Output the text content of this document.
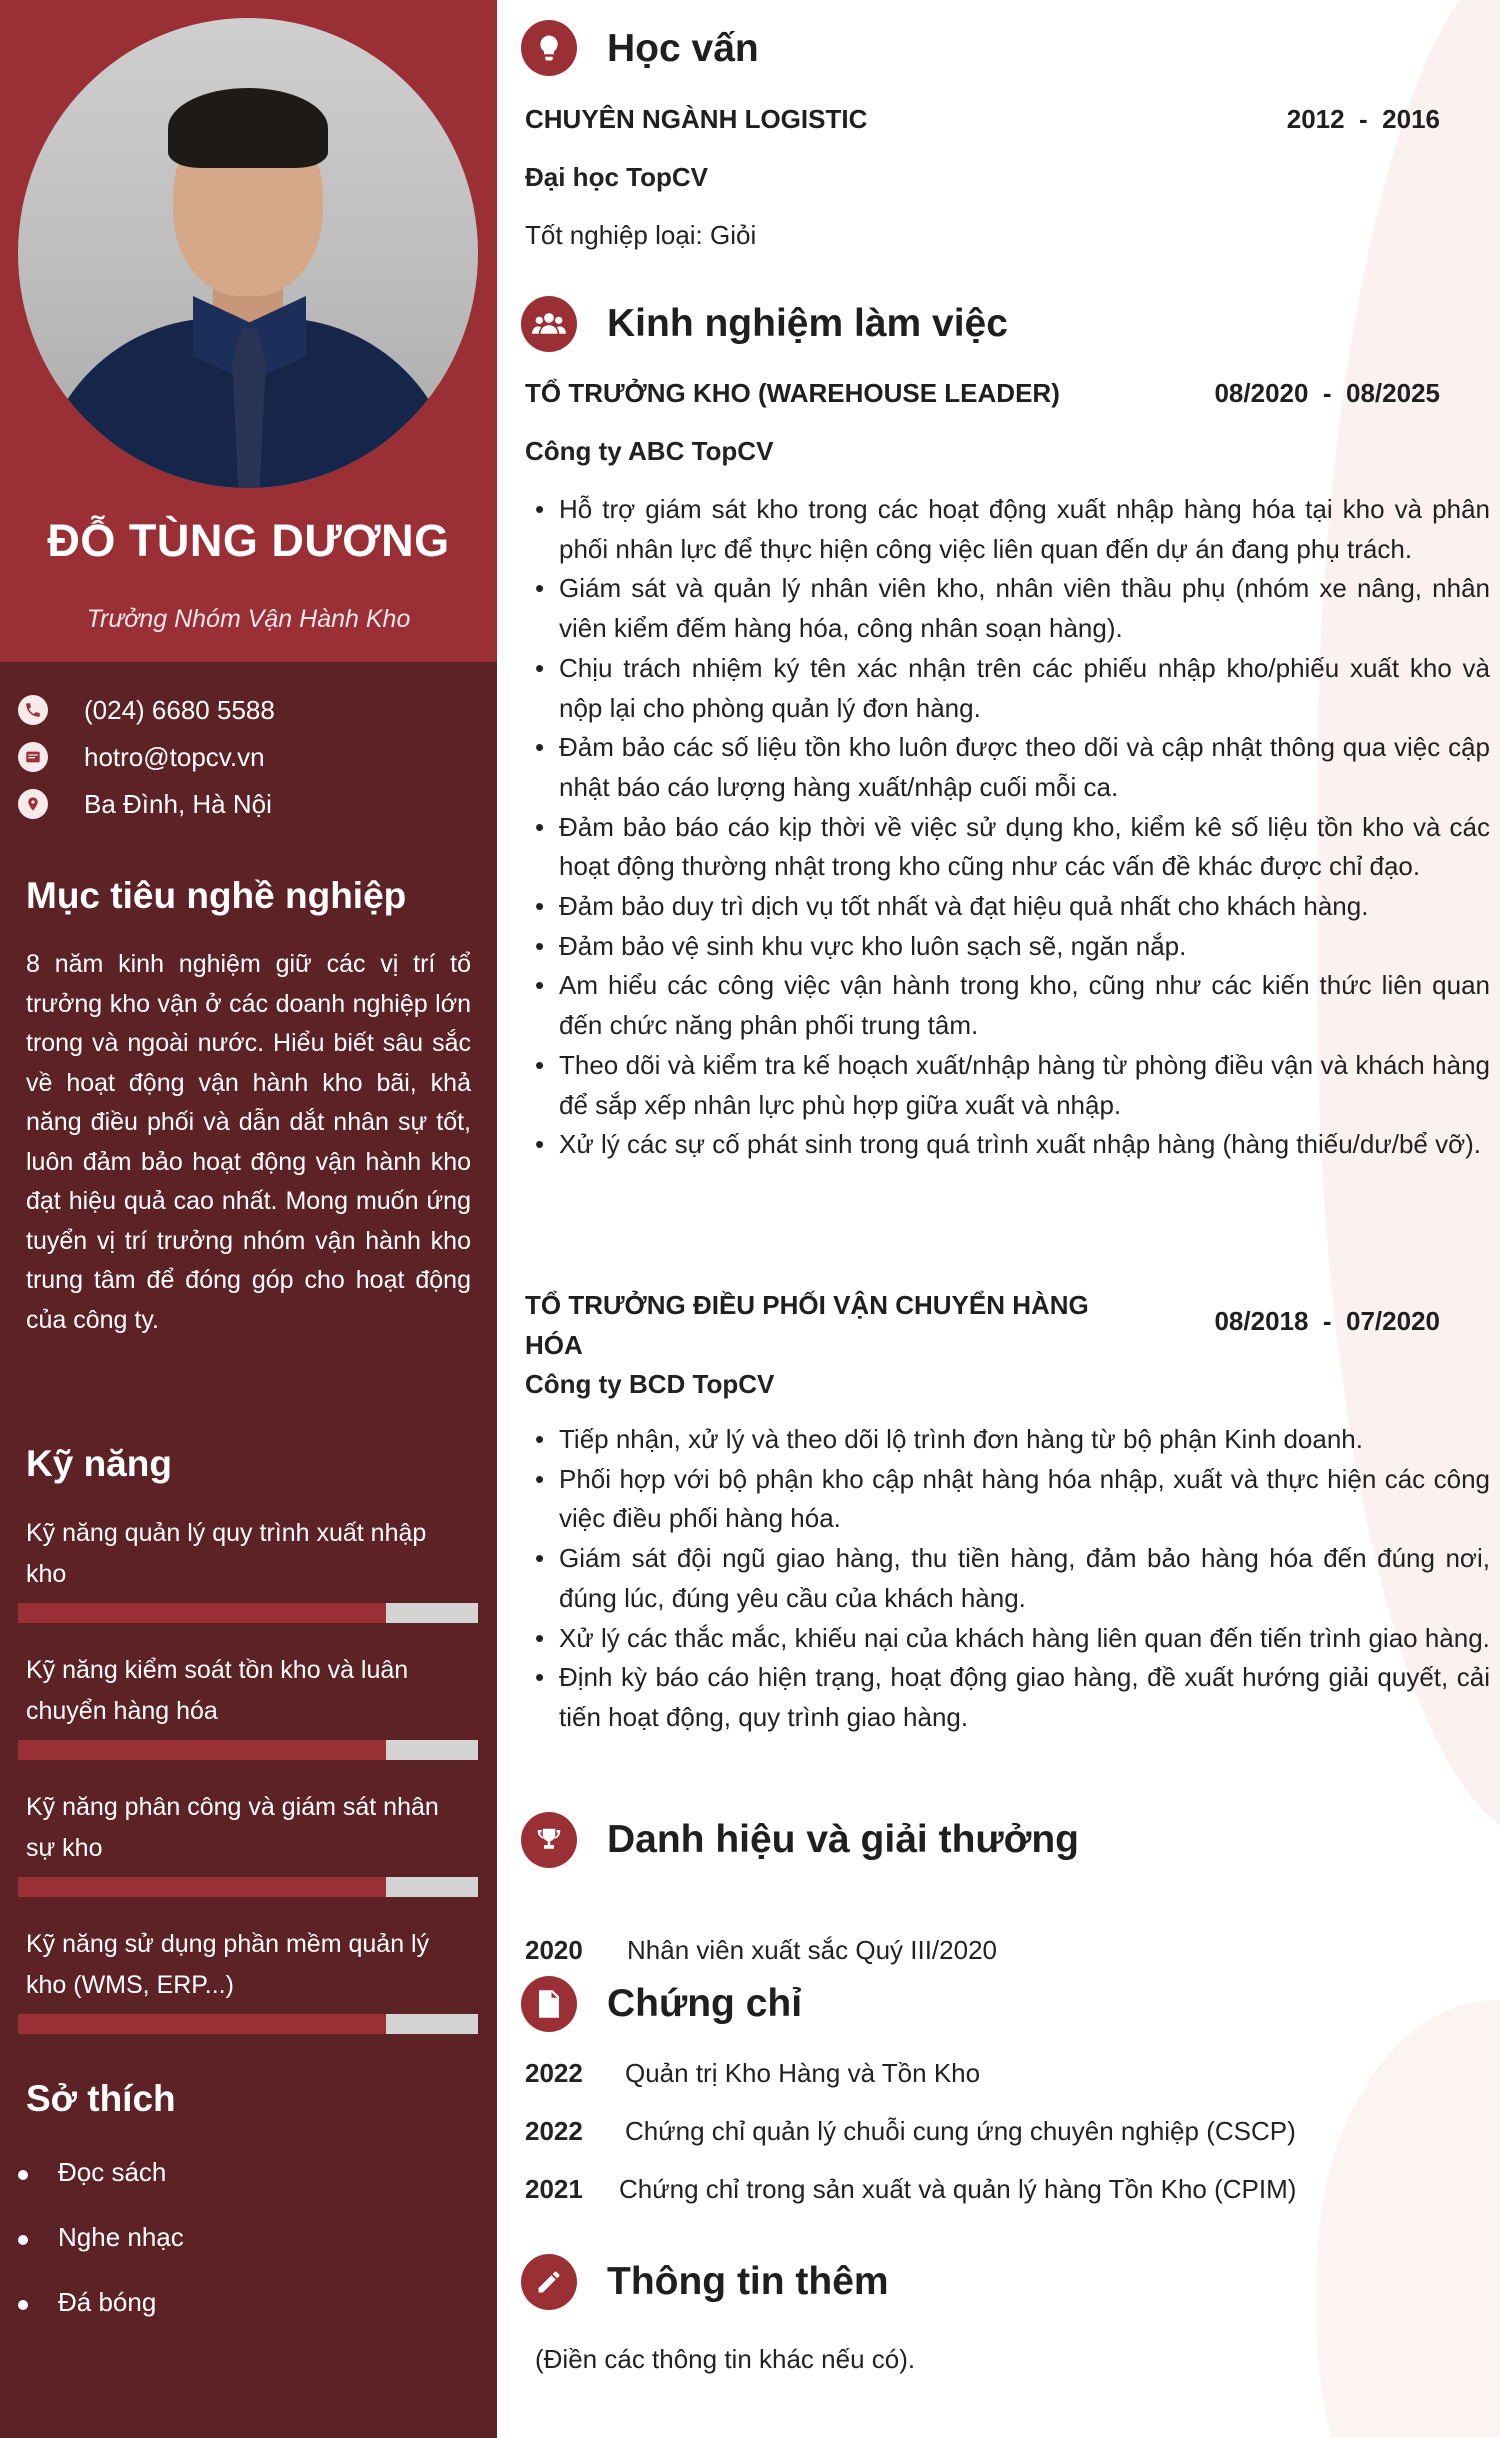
ĐỖ TÙNG DƯƠNG
Trưởng Nhóm Vận Hành Kho
(024) 6680 5588
hotro@topcv.vn
Ba Đình, Hà Nội
Mục tiêu nghề nghiệp
8 năm kinh nghiệm giữ các vị trí tổ trưởng kho vận ở các doanh nghiệp lớn trong và ngoài nước. Hiểu biết sâu sắc về hoạt động vận hành kho bãi, khả năng điều phối và dẫn dắt nhân sự tốt, luôn đảm bảo hoạt động vận hành kho đạt hiệu quả cao nhất. Mong muốn ứng tuyển vị trí trưởng nhóm vận hành kho trung tâm để đóng góp cho hoạt động của công ty.
Kỹ năng
Kỹ năng quản lý quy trình xuất nhập kho
Kỹ năng kiểm soát tồn kho và luân chuyển hàng hóa
Kỹ năng phân công và giám sát nhân sự kho
Kỹ năng sử dụng phần mềm quản lý kho (WMS, ERP...)
Sở thích
Đọc sách
Nghe nhạc
Đá bóng
Học vấn
CHUYÊN NGÀNH LOGISTIC	2012  -  2016
Đại học TopCV
Tốt nghiệp loại: Giỏi
Kinh nghiệm làm việc
TỔ TRƯỞNG KHO (WAREHOUSE LEADER)	08/2020  -  08/2025
Công ty ABC TopCV
• Hỗ trợ giám sát kho trong các hoạt động xuất nhập hàng hóa tại kho và phân phối nhân lực để thực hiện công việc liên quan đến dự án đang phụ trách.
• Giám sát và quản lý nhân viên kho, nhân viên thầu phụ (nhóm xe nâng, nhân viên kiểm đếm hàng hóa, công nhân soạn hàng).
• Chịu trách nhiệm ký tên xác nhận trên các phiếu nhập kho/phiếu xuất kho và nộp lại cho phòng quản lý đơn hàng.
• Đảm bảo các số liệu tồn kho luôn được theo dõi và cập nhật thông qua việc cập nhật báo cáo lượng hàng xuất/nhập cuối mỗi ca.
• Đảm bảo báo cáo kịp thời về việc sử dụng kho, kiểm kê số liệu tồn kho và các hoạt động thường nhật trong kho cũng như các vấn đề khác được chỉ đạo.
• Đảm bảo duy trì dịch vụ tốt nhất và đạt hiệu quả nhất cho khách hàng.
• Đảm bảo vệ sinh khu vực kho luôn sạch sẽ, ngăn nắp.
• Am hiểu các công việc vận hành trong kho, cũng như các kiến thức liên quan đến chức năng phân phối trung tâm.
• Theo dõi và kiểm tra kế hoạch xuất/nhập hàng từ phòng điều vận và khách hàng để sắp xếp nhân lực phù hợp giữa xuất và nhập.
• Xử lý các sự cố phát sinh trong quá trình xuất nhập hàng (hàng thiếu/dư/bể vỡ).
TỔ TRƯỞNG ĐIỀU PHỐI VẬN CHUYỂN HÀNG HÓA
08/2018  -  07/2020
Công ty BCD TopCV
• Tiếp nhận, xử lý và theo dõi lộ trình đơn hàng từ bộ phận Kinh doanh.
• Phối hợp với bộ phận kho cập nhật hàng hóa nhập, xuất và thực hiện các công việc điều phối hàng hóa.
• Giám sát đội ngũ giao hàng, thu tiền hàng, đảm bảo hàng hóa đến đúng nơi, đúng lúc, đúng yêu cầu của khách hàng.
• Xử lý các thắc mắc, khiếu nại của khách hàng liên quan đến tiến trình giao hàng.
• Định kỳ báo cáo hiện trạng, hoạt động giao hàng, đề xuất hướng giải quyết, cải tiến hoạt động, quy trình giao hàng.
Danh hiệu và giải thưởng
2020 Nhân viên xuất sắc Quý III/2020
Chứng chỉ
2022 Quản trị Kho Hàng và Tồn Kho
2022 Chứng chỉ quản lý chuỗi cung ứng chuyên nghiệp (CSCP)
2021 Chứng chỉ trong sản xuất và quản lý hàng Tồn Kho (CPIM)
Thông tin thêm
(Điền các thông tin khác nếu có).
